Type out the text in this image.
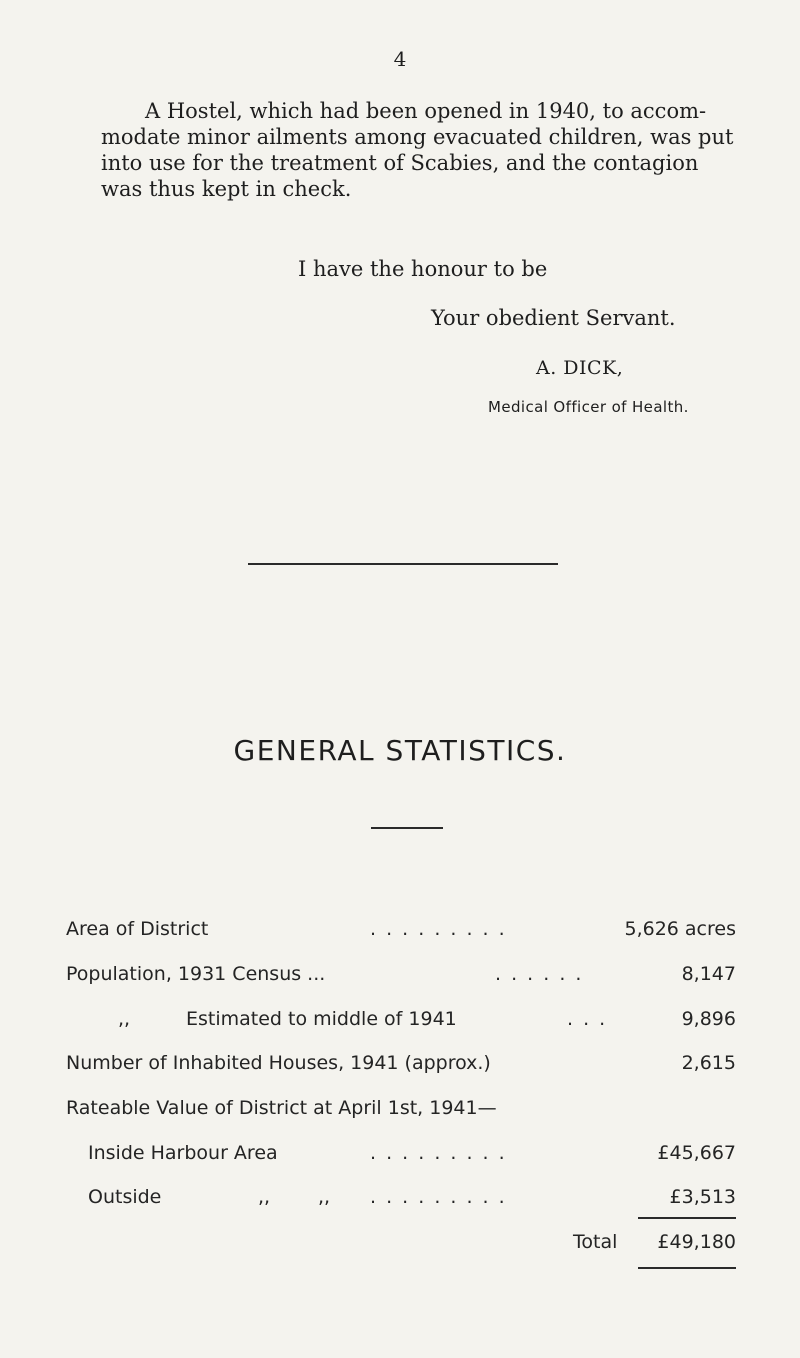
4
A Hostel, which had been opened in 1940, to accom-
modate minor ailments among evacuated children, was put
into use for the treatment of Scabies, and the contagion
was thus kept in check.
I have the honour to be
Your obedient Servant.
A. DICK,
Medical Officer of Health.
GENERAL STATISTICS.
Area of District	. . . . . . . . .	5,626 acres
Population, 1931 Census ...	. . . . . .	8,147
,,	Estimated to middle of 1941	. . .	9,896
Number of Inhabited Houses, 1941 (approx.)	2,615
Rateable Value of District at April 1st, 1941—
Inside Harbour Area	. . . . . . . . .	£45,667
Outside	,,	,, . . . . . . . . .	£3,513
Total £49,180
